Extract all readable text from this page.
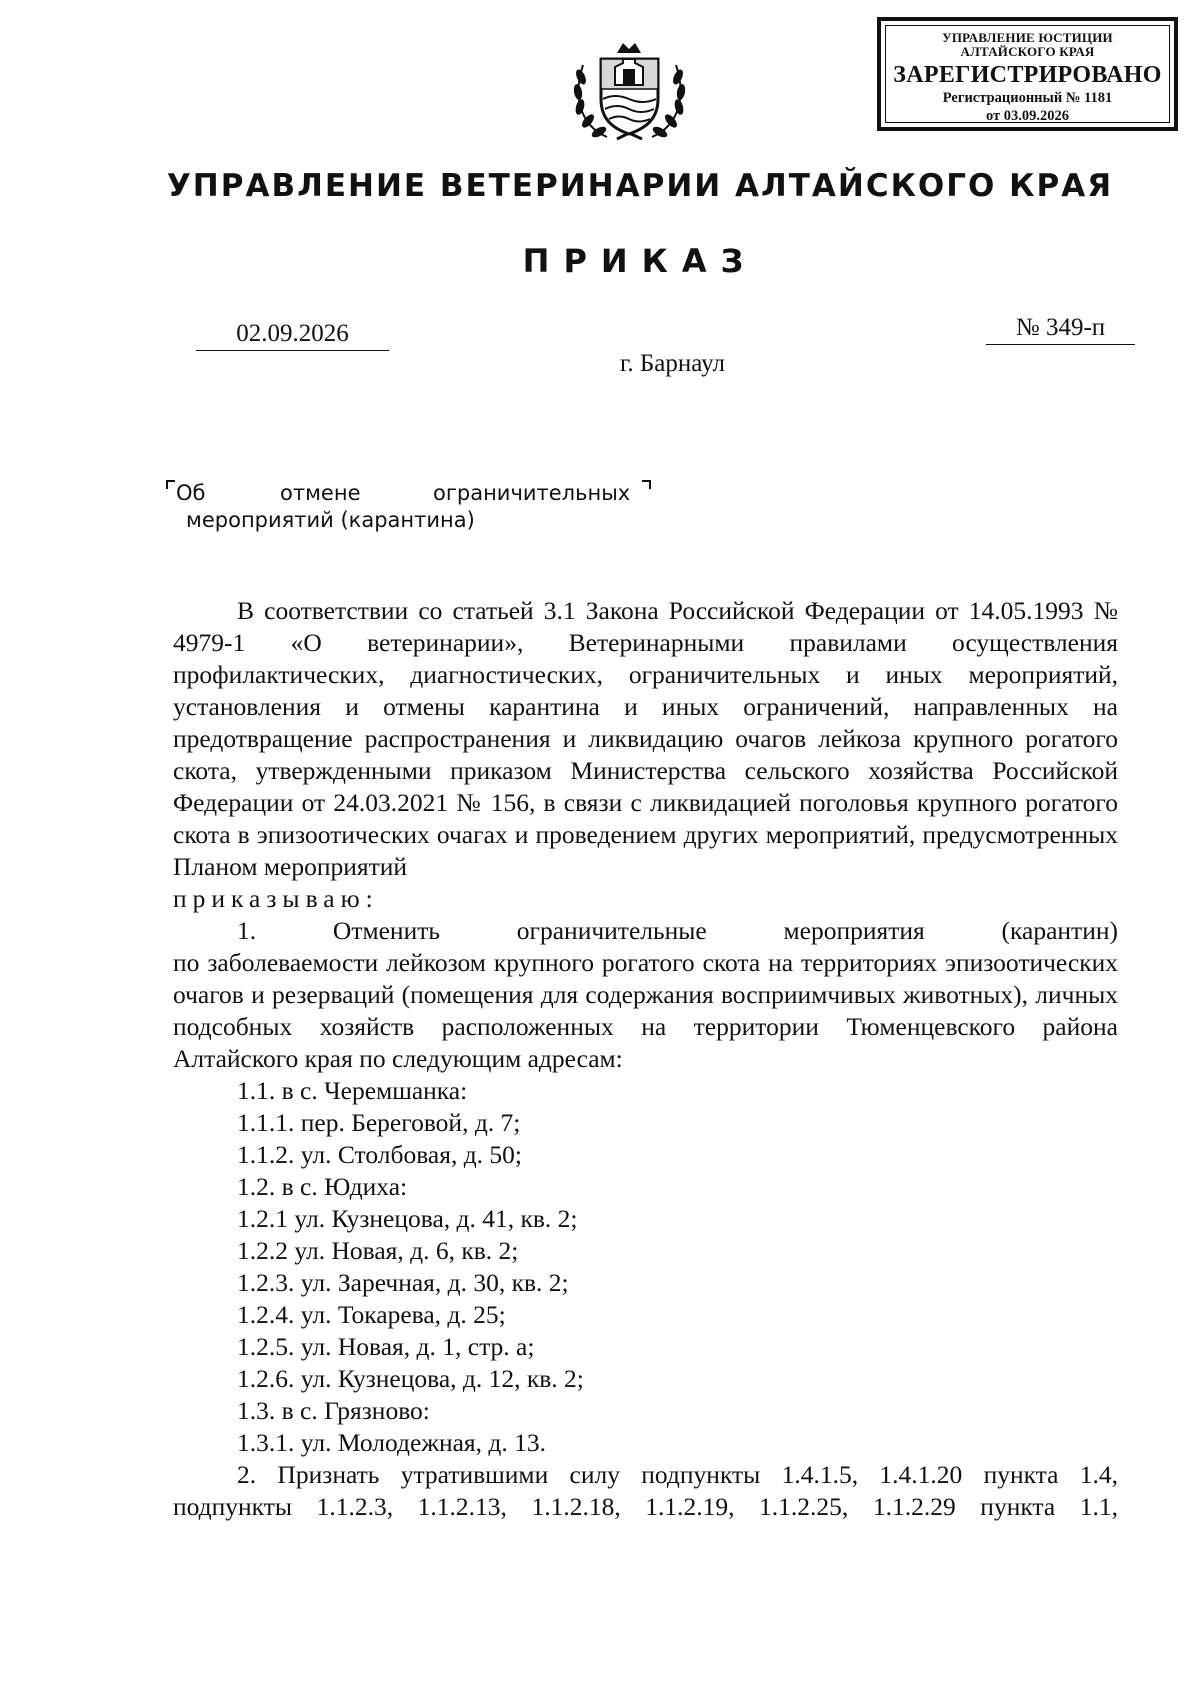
УПРАВЛЕНИЕ ЮСТИЦИИ
АЛТАЙСКОГО КРАЯ
ЗАРЕГИСТРИРОВАНО
Регистрационный № 1181
от 03.09.2026
УПРАВЛЕНИЕ ВЕТЕРИНАРИИ АЛТАЙСКОГО КРАЯ
ПРИКАЗ
02.09.2026	№ 349-п
г. Барнаул
Об	отмене	ограничительных
мероприятий (карантина)

В соответствии со статьей 3.1 Закона Российской Федерации от 14.05.1993 № 4979-1 «О ветеринарии», Ветеринарными правилами осуществления профилактических, диагностических, ограничительных и иных мероприятий, установления и отмены карантина и иных ограничений, направленных на предотвращение распространения и ликвидацию очагов лейкоза крупного рогатого скота, утвержденными приказом Министерства сельского хозяйства Российской Федерации от 24.03.2021 № 156, в связи с ликвидацией поголовья крупного рогатого скота в эпизоотических очагах и проведением других мероприятий, предусмотренных Планом мероприятий

приказываю:

1. Отменить ограничительные мероприятия (карантин)

по заболеваемости лейкозом крупного рогатого скота на территориях эпизоотических очагов и резерваций (помещения для содержания восприимчивых животных), личных подсобных хозяйств расположенных на территории Тюменцевского района Алтайского края по следующим адресам:

1.1. в с. Черемшанка:

1.1.1. пер. Береговой, д. 7;

1.1.2. ул. Столбовая, д. 50;

1.2. в с. Юдиха:

1.2.1 ул. Кузнецова, д. 41, кв. 2;

1.2.2 ул. Новая, д. 6, кв. 2;

1.2.3. ул. Заречная, д. 30, кв. 2;

1.2.4. ул. Токарева, д. 25;

1.2.5. ул. Новая, д. 1, стр. а;

1.2.6. ул. Кузнецова, д. 12, кв. 2;

1.3. в с. Грязново:

1.3.1. ул. Молодежная, д. 13.

2. Признать утратившими силу подпункты 1.4.1.5, 1.4.1.20 пункта 1.4,

подпункты 1.1.2.3, 1.1.2.13, 1.1.2.18, 1.1.2.19, 1.1.2.25, 1.1.2.29 пункта 1.1,
